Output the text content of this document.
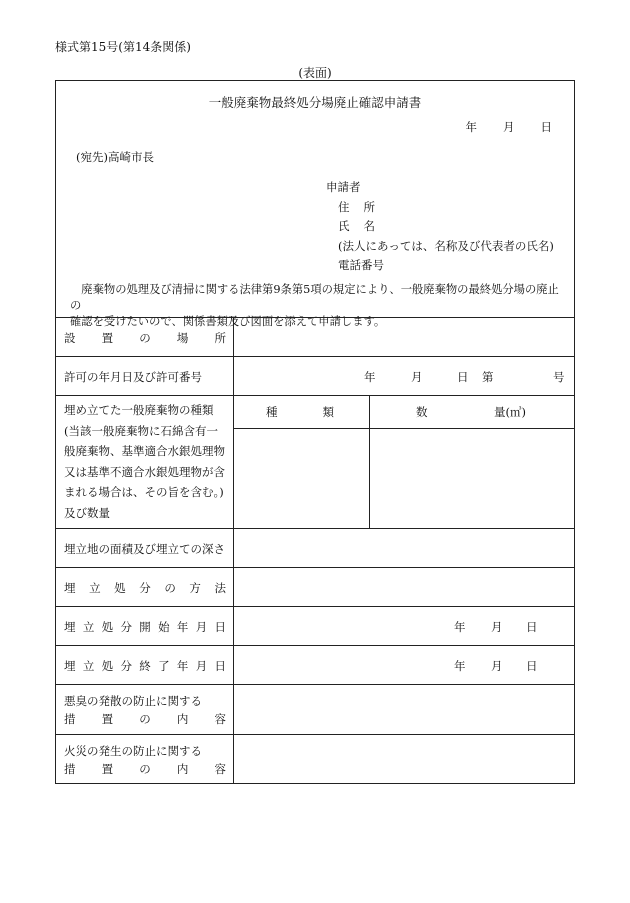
様式第15号(第14条関係)
(表面)
一般廃棄物最終処分場廃止確認申請書
年 月 日
(宛先)高崎市長
申請者
住 所
氏 名
(法人にあっては、名称及び代表者の氏名)
電話番号

廃棄物の処理及び清掃に関する法律第9条第5項の規定により、一般廃棄物の最終処分場の廃止の

確認を受けたいので、関係書類及び図面を添えて申請します。

設 置 の 場 所
許可の年月日及び許可番号	年	月	日 第	号
埋め立てた一般廃棄物の種類
(当該一般廃棄物に石綿含有一
般廃棄物、基準適合水銀処理物
又は基準不適合水銀処理物が含
まれる場合は、その旨を含む。)
及び数量
種	類	数	量(㎥)
埋立地の面積及び埋立ての深さ
埋 立 処 分 の 方 法
埋 立 処 分 開 始 年 月 日	年 月 日
埋 立 処 分 終 了 年 月 日	年 月 日
悪臭の発散の防止に関する
措 置 の 内 容
火災の発生の防止に関する
措 置 の 内 容
